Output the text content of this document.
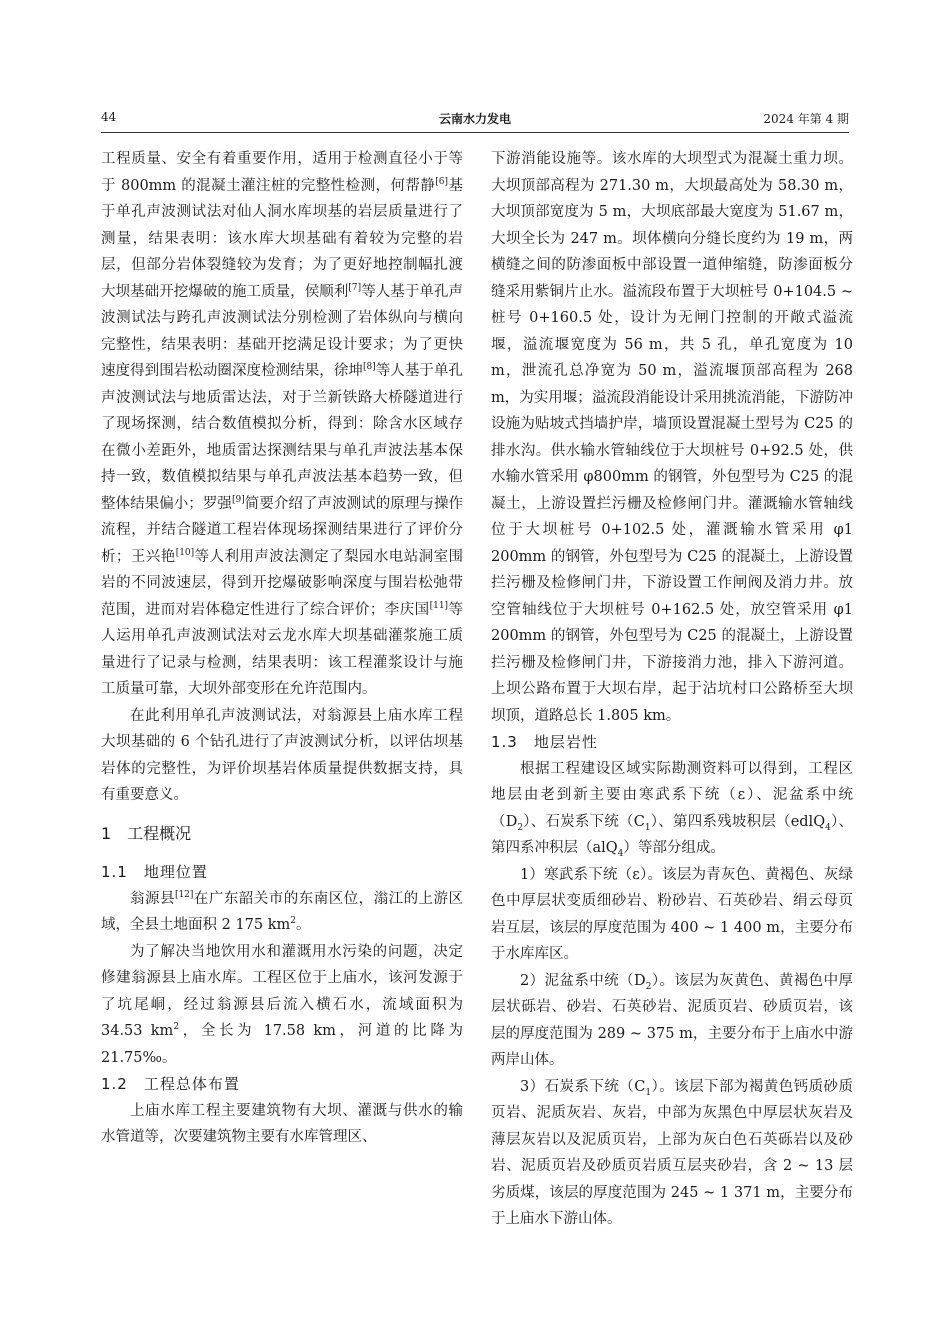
44	云南水力发电	2024 年第 4 期

工程质量、安全有着重要作用，适用于检测直径小于等于 800mm 的混凝土灌注桩的完整性检测，何帮静[6]基于单孔声波测试法对仙人洞水库坝基的岩层质量进行了测量，结果表明：该水库大坝基础有着较为完整的岩层，但部分岩体裂缝较为发育；为了更好地控制幅扎渡大坝基础开挖爆破的施工质量，侯顺利[7]等人基于单孔声波测试法与跨孔声波测试法分别检测了岩体纵向与横向完整性，结果表明：基础开挖满足设计要求；为了更快速度得到围岩松动圈深度检测结果，徐坤[8]等人基于单孔声波测试法与地质雷达法，对于兰新铁路大桥隧道进行了现场探测，结合数值模拟分析，得到：除含水区域存在微小差距外，地质雷达探测结果与单孔声波法基本保持一致，数值模拟结果与单孔声波法基本趋势一致，但整体结果偏小；罗强[9]简要介绍了声波测试的原理与操作流程，并结合隧道工程岩体现场探测结果进行了评价分析；王兴艳[10]等人利用声波法测定了梨园水电站洞室围岩的不同波速层，得到开挖爆破影响深度与围岩松弛带范围，进而对岩体稳定性进行了综合评价；李庆国[11]等人运用单孔声波测试法对云龙水库大坝基础灌浆施工质量进行了记录与检测，结果表明：该工程灌浆设计与施工质量可靠，大坝外部变形在允许范围内。

在此利用单孔声波测试法，对翁源县上庙水库工程大坝基础的 6 个钻孔进行了声波测试分析，以评估坝基岩体的完整性，为评价坝基岩体质量提供数据支持，具有重要意义。

1　工程概况
1.1　地理位置

翁源县[12]在广东韶关市的东南区位，滃江的上游区域，全县土地面积 2 175 $km^2$。

为了解决当地饮用水和灌溉用水污染的问题，决定修建翁源县上庙水库。工程区位于上庙水，该河发源于了坑尾峒，经过翁源县后流入横石水，流域面积为 34.53 $km^2$，全长为 17.58 km，河道的比降为 21.75‰。

1.2　工程总体布置

上庙水库工程主要建筑物有大坝、灌溉与供水的输水管道等，次要建筑物主要有水库管理区、

下游消能设施等。该水库的大坝型式为混凝土重力坝。大坝顶部高程为 271.30 m，大坝最高处为 58.30 m，大坝顶部宽度为 5 m，大坝底部最大宽度为 51.67 m，大坝全长为 247 m。坝体横向分缝长度约为 19 m，两横缝之间的防渗面板中部设置一道伸缩缝，防渗面板分缝采用紫铜片止水。溢流段布置于大坝桩号 0+104.5 ~ 桩号 0+160.5 处，设计为无闸门控制的开敞式溢流堰，溢流堰宽度为 56 m，共 5 孔，单孔宽度为 10 m，泄流孔总净宽为 50 m，溢流堰顶部高程为 268 m，为实用堰；溢流段消能设计采用挑流消能，下游防冲设施为贴坡式挡墙护岸，墙顶设置混凝土型号为 C25 的排水沟。供水输水管轴线位于大坝桩号 0+92.5 处，供水输水管采用 φ800mm 的钢管，外包型号为 C25 的混凝土，上游设置拦污栅及检修闸门井。灌溉输水管轴线位于大坝桩号 0+102.5 处，灌溉输水管采用 φ1 200mm 的钢管，外包型号为 C25 的混凝土，上游设置拦污栅及检修闸门井，下游设置工作闸阀及消力井。放空管轴线位于大坝桩号 0+162.5 处，放空管采用 φ1 200mm 的钢管，外包型号为 C25 的混凝土，上游设置拦污栅及检修闸门井，下游接消力池，排入下游河道。上坝公路布置于大坝右岸，起于沾坑村口公路桥至大坝坝顶，道路总长 1.805 km。

1.3　地层岩性

根据工程建设区域实际勘测资料可以得到，工程区地层由老到新主要由寒武系下统（ε）、泥盆系中统$(D_2)$、石炭系下统$(C_1)$、第四系残坡积层（edlQ$_4$）、第四系冲积层（alQ$_4$）等部分组成。

1）寒武系下统（ε）。该层为青灰色、黄褐色、灰绿色中厚层状变质细砂岩、粉砂岩、石英砂岩、绢云母页岩互层，该层的厚度范围为 400 ~ 1 400 m，主要分布于水库库区。

2）泥盆系中统$(D_2)$。该层为灰黄色、黄褐色中厚层状砾岩、砂岩、石英砂岩、泥质页岩、砂质页岩，该层的厚度范围为 289 ~ 375 m，主要分布于上庙水中游两岸山体。

3）石炭系下统$(C_1)$。该层下部为褐黄色钙质砂质页岩、泥质灰岩、灰岩，中部为灰黑色中厚层状灰岩及薄层灰岩以及泥质页岩，上部为灰白色石英砾岩以及砂岩、泥质页岩及砂质页岩质互层夹砂岩，含 2 ~ 13 层劣质煤，该层的厚度范围为 245 ~ 1 371 m，主要分布于上庙水下游山体。
